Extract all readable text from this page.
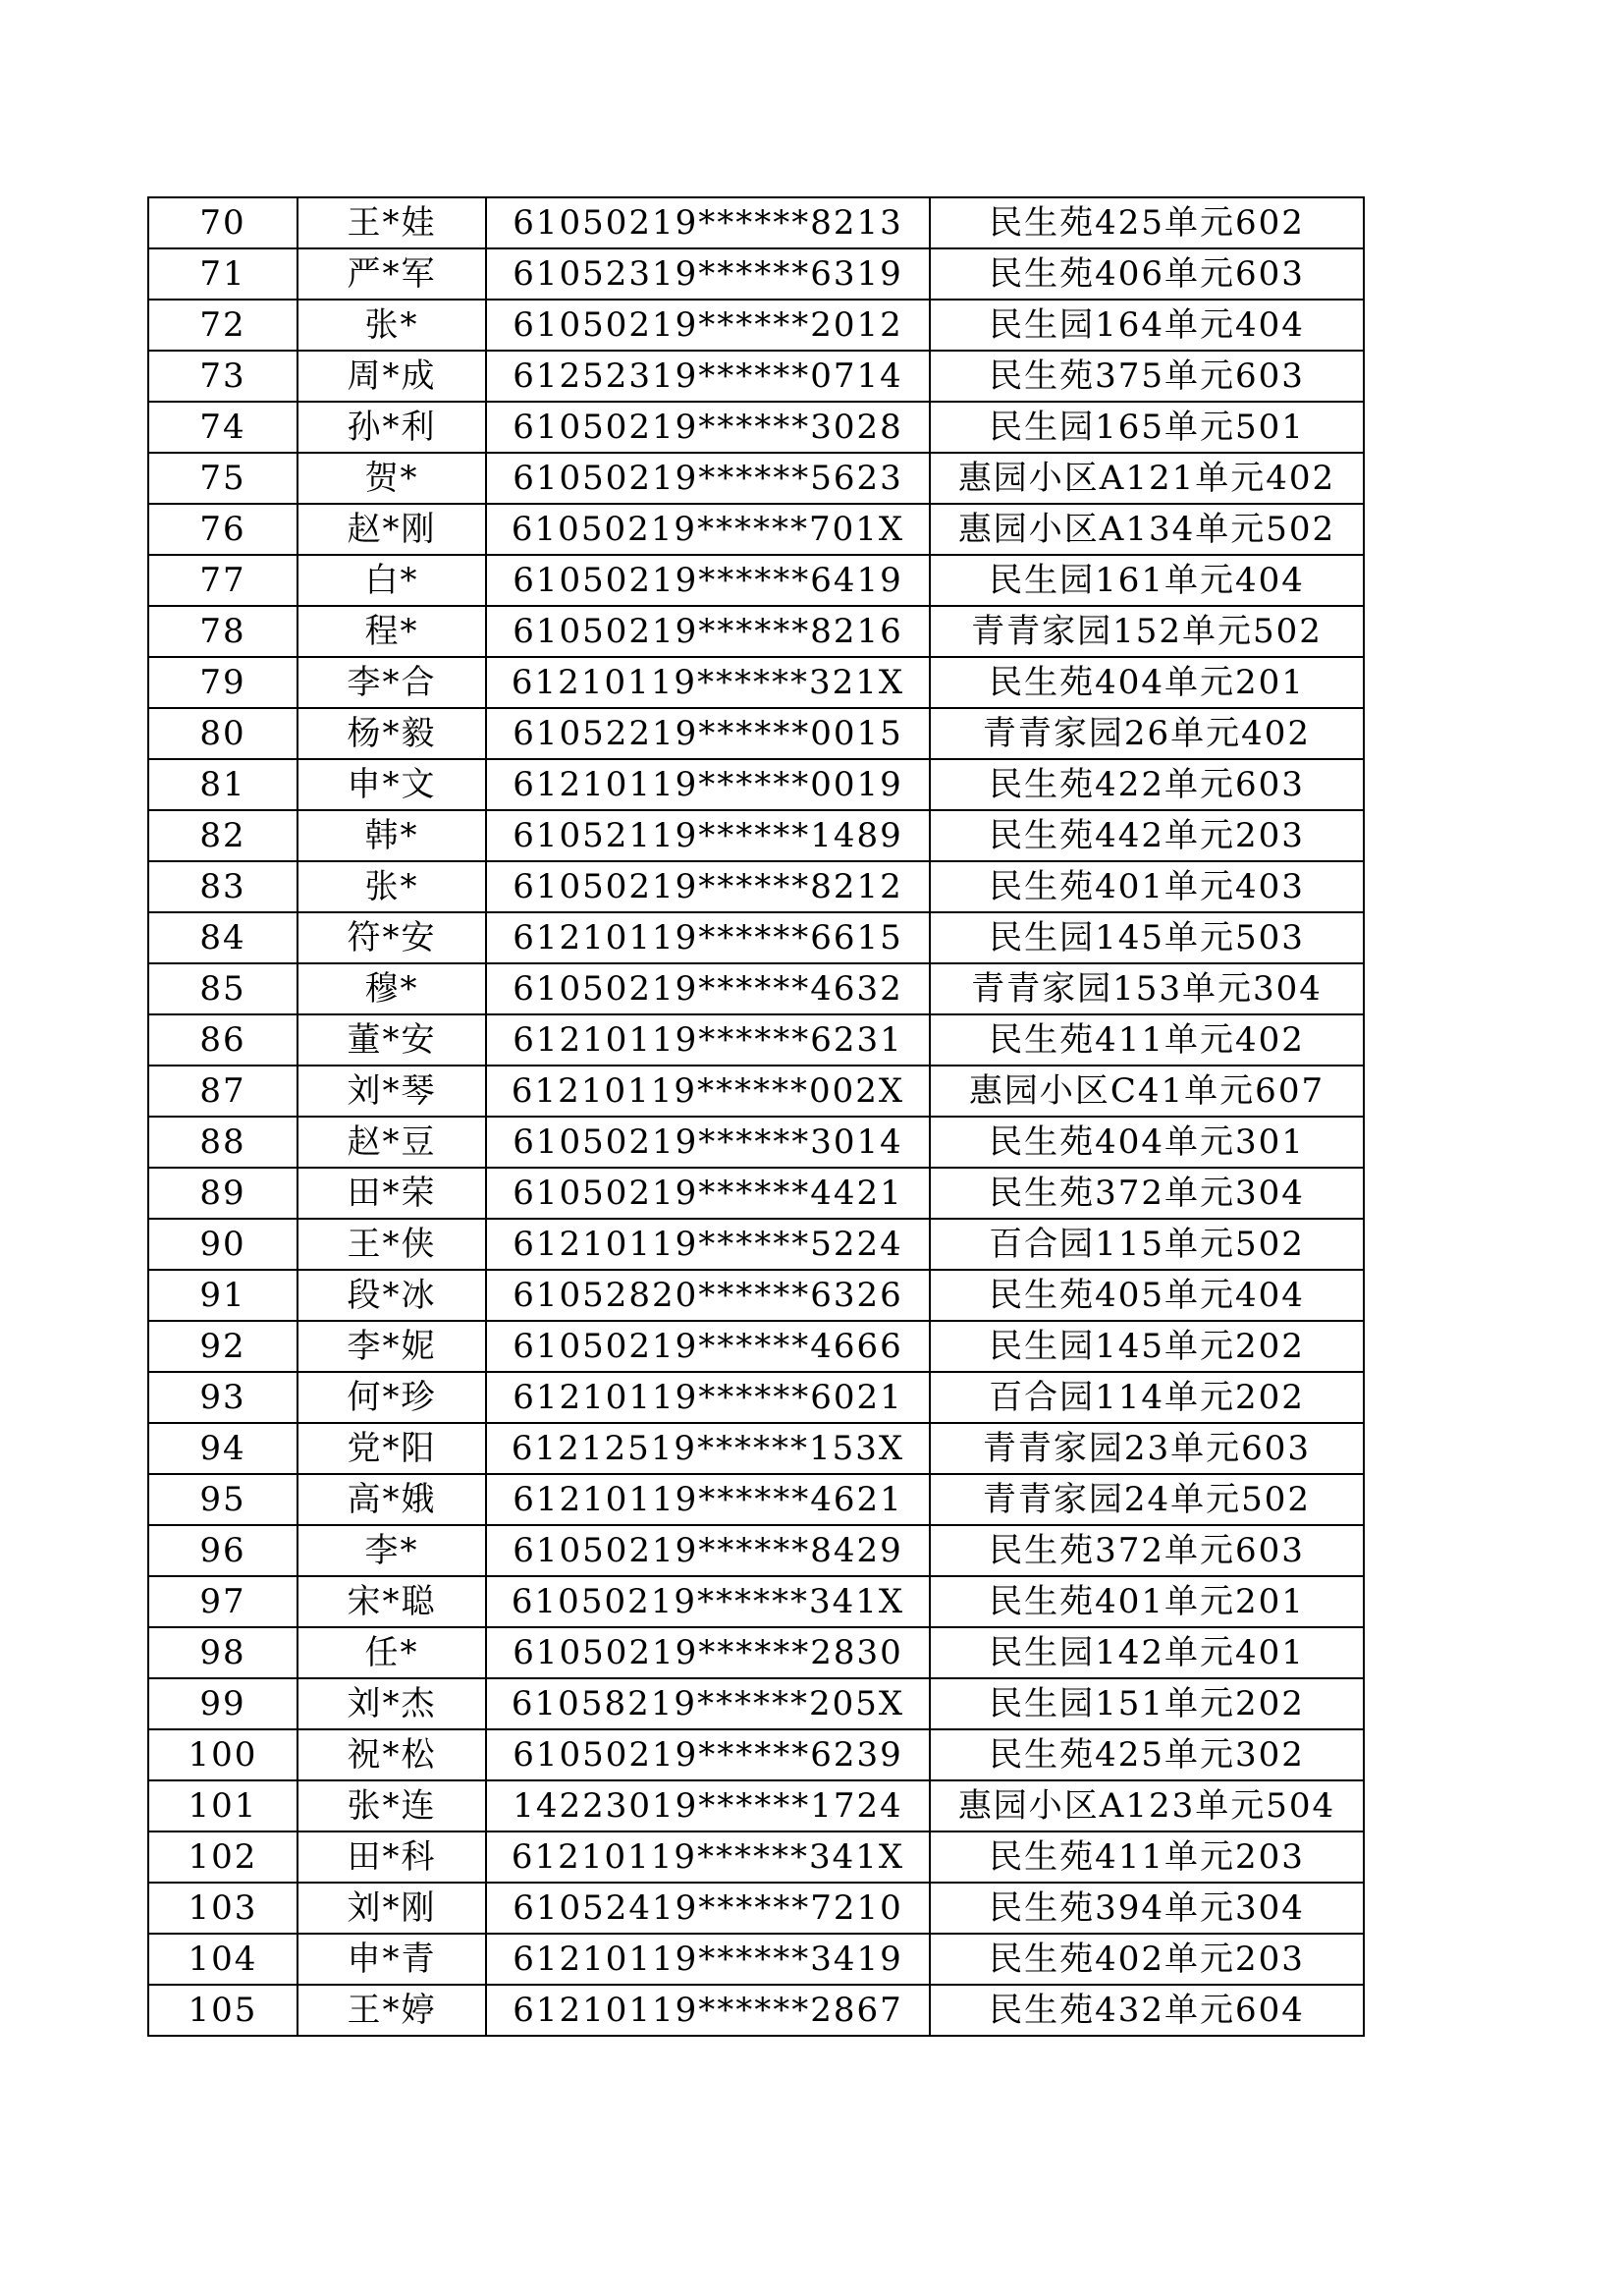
70	王*娃	61050219******8213	民生苑425单元602
71	严*军	61052319******6319	民生苑406单元603
72	张*	61050219******2012	民生园164单元404
73	周*成	61252319******0714	民生苑375单元603
74	孙*利	61050219******3028	民生园165单元501
75	贺*	61050219******5623	惠园小区A121单元402
76	赵*刚	61050219******701X	惠园小区A134单元502
77	白*	61050219******6419	民生园161单元404
78	程*	61050219******8216	青青家园152单元502
79	李*合	61210119******321X	民生苑404单元201
80	杨*毅	61052219******0015	青青家园26单元402
81	申*文	61210119******0019	民生苑422单元603
82	韩*	61052119******1489	民生苑442单元203
83	张*	61050219******8212	民生苑401单元403
84	符*安	61210119******6615	民生园145单元503
85	穆*	61050219******4632	青青家园153单元304
86	董*安	61210119******6231	民生苑411单元402
87	刘*琴	61210119******002X	惠园小区C41单元607
88	赵*豆	61050219******3014	民生苑404单元301
89	田*荣	61050219******4421	民生苑372单元304
90	王*侠	61210119******5224	百合园115单元502
91	段*冰	61052820******6326	民生苑405单元404
92	李*妮	61050219******4666	民生园145单元202
93	何*珍	61210119******6021	百合园114单元202
94	党*阳	61212519******153X	青青家园23单元603
95	高*娥	61210119******4621	青青家园24单元502
96	李*	61050219******8429	民生苑372单元603
97	宋*聪	61050219******341X	民生苑401单元201
98	任*	61050219******2830	民生园142单元401
99	刘*杰	61058219******205X	民生园151单元202
100	祝*松	61050219******6239	民生苑425单元302
101	张*连	14223019******1724	惠园小区A123单元504
102	田*科	61210119******341X	民生苑411单元203
103	刘*刚	61052419******7210	民生苑394单元304
104	申*青	61210119******3419	民生苑402单元203
105	王*婷	61210119******2867	民生苑432单元604
